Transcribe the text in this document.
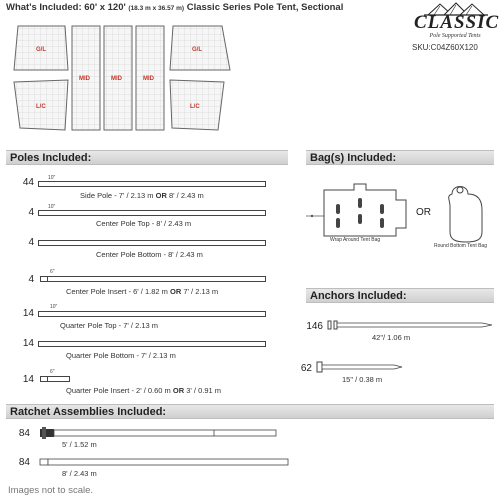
What's Included: 60' x 120' (18.3 m x 36.57 m) Classic Series Pole Tent, Sectional
CLASSIC
Pole Supported Tents
SKU:C04Z60X120
G/L
MID	MID	MID
G/L
L/C	L/C
Poles Included:
44	10"
Side Pole - 7' / 2.13 m OR 8' / 2.43 m
4	10"
Center Pole Top - 8' / 2.43 m
4
Center Pole Bottom - 8' / 2.43 m
4
6"
Center Pole Insert - 6' / 1.82 m OR 7' / 2.13 m
14
10"
Quarter Pole Top - 7' / 2.13 m
14
Quarter Pole Bottom - 7' / 2.13 m
14
6"
Quarter Pole Insert - 2' / 0.60 m OR 3' / 0.91 m
Bag(s) Included:
OR
Wrap Around Tent Bag
Round Bottom Tent Bag
Anchors Included:
146
42"/ 1.06 m
62
15" / 0.38 m
Ratchet Assemblies Included:
84
5' / 1.52 m
84
8' / 2.43 m
Images not to scale.
